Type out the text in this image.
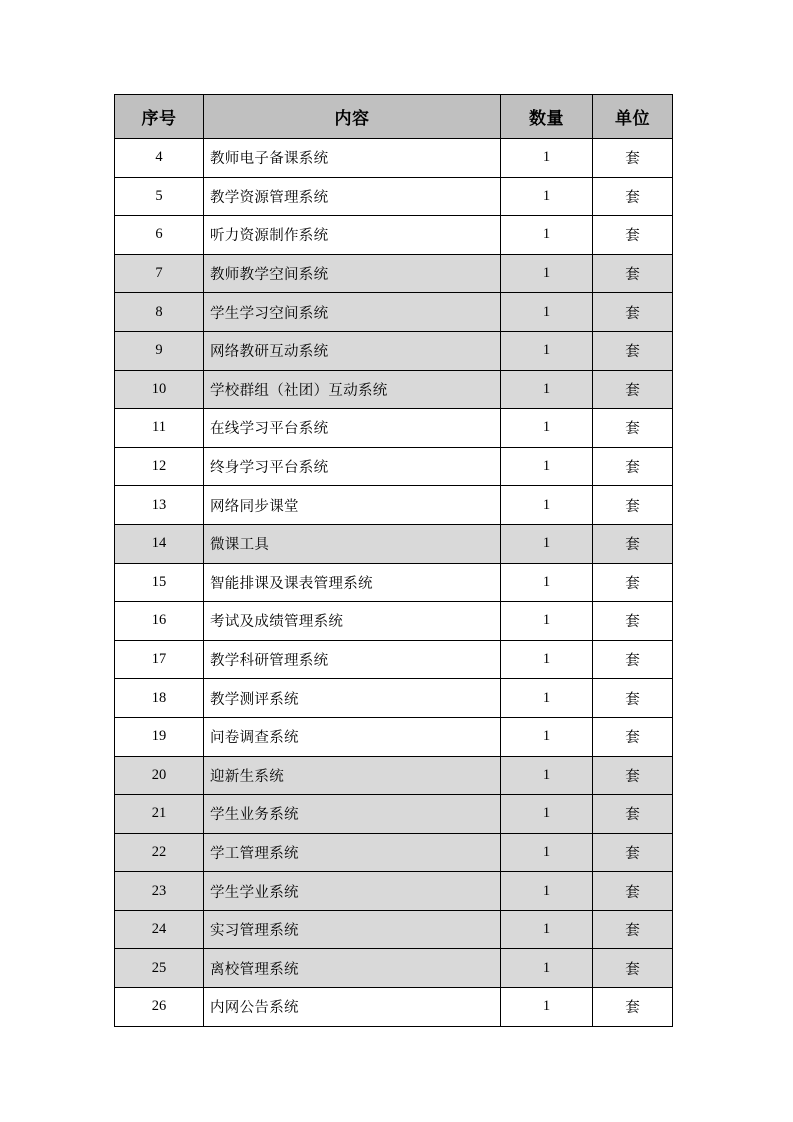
序号	内容	数量	单位
4	教师电子备课系统	1	套
5	教学资源管理系统	1	套
6	听力资源制作系统	1	套
7	教师教学空间系统	1	套
8	学生学习空间系统	1	套
9	网络教研互动系统	1	套
10	学校群组（社团）互动系统	1	套
11	在线学习平台系统	1	套
12	终身学习平台系统	1	套
13	网络同步课堂	1	套
14	微课工具	1	套
15	智能排课及课表管理系统	1	套
16	考试及成绩管理系统	1	套
17	教学科研管理系统	1	套
18	教学测评系统	1	套
19	问卷调查系统	1	套
20	迎新生系统	1	套
21	学生业务系统	1	套
22	学工管理系统	1	套
23	学生学业系统	1	套
24	实习管理系统	1	套
25	离校管理系统	1	套
26	内网公告系统	1	套
